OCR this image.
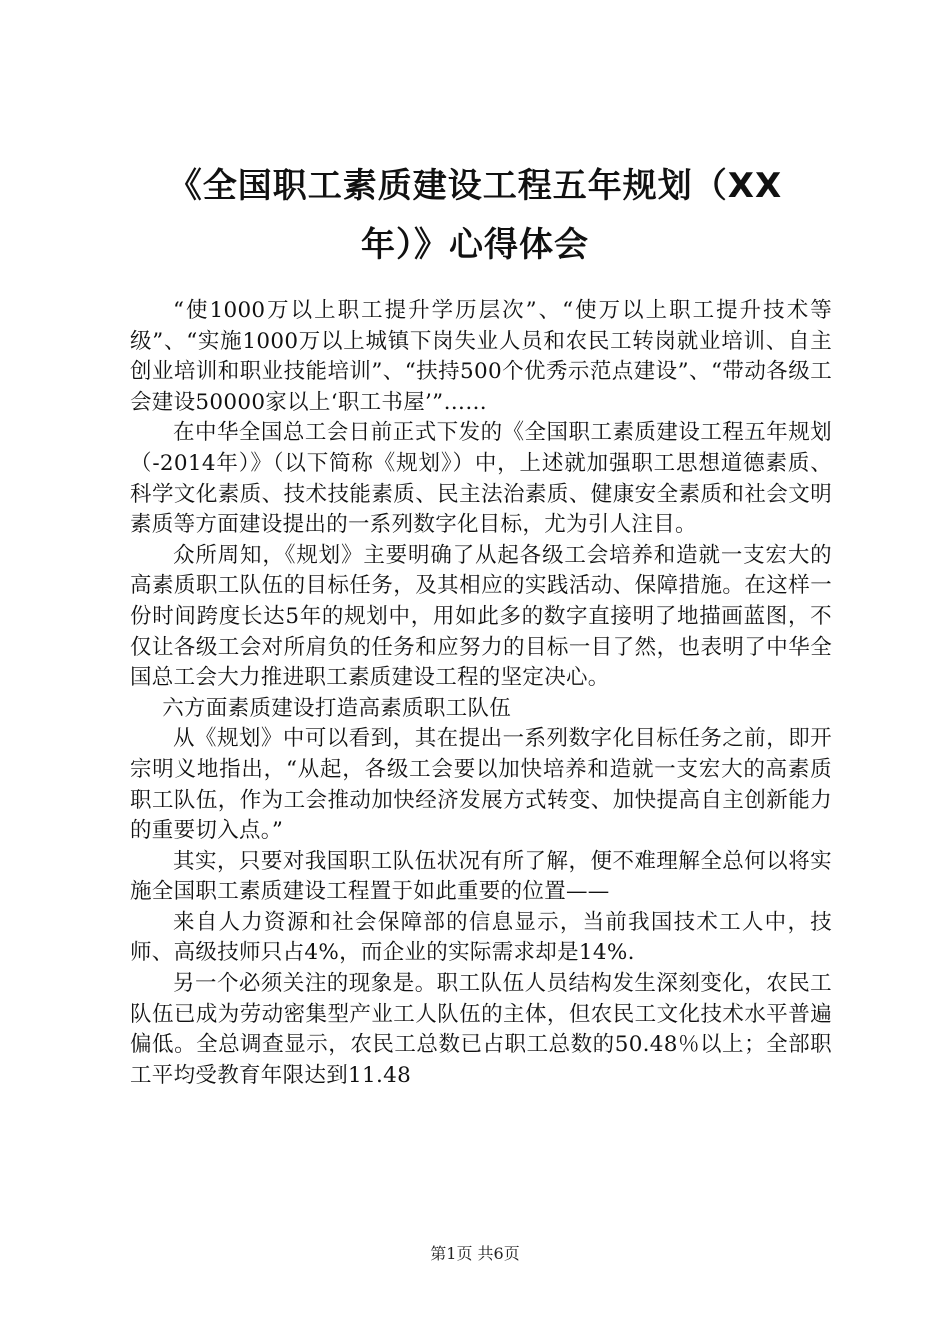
《全国职工素质建设工程五年规划（XX
年）》心得体会

“使1000万以上职工提升学历层次”、“使万以上职工提升技术等级”、“实施1000万以上城镇下岗失业人员和农民工转岗就业培训、自主创业培训和职业技能培训”、“扶持500个优秀示范点建设”、“带动各级工会建设50000家以上‘职工书屋’”……

在中华全国总工会日前正式下发的《全国职工素质建设工程五年规划（-2014年）》（以下简称《规划》）中，上述就加强职工思想道德素质、科学文化素质、技术技能素质、民主法治素质、健康安全素质和社会文明素质等方面建设提出的一系列数字化目标，尤为引人注目。

众所周知，《规划》主要明确了从起各级工会培养和造就一支宏大的高素质职工队伍的目标任务，及其相应的实践活动、保障措施。在这样一份时间跨度长达5年的规划中，用如此多的数字直接明了地描画蓝图，不仅让各级工会对所肩负的任务和应努力的目标一目了然，也表明了中华全国总工会大力推进职工素质建设工程的坚定决心。

六方面素质建设打造高素质职工队伍

从《规划》中可以看到，其在提出一系列数字化目标任务之前，即开宗明义地指出，“从起，各级工会要以加快培养和造就一支宏大的高素质职工队伍，作为工会推动加快经济发展方式转变、加快提高自主创新能力的重要切入点。”

其实，只要对我国职工队伍状况有所了解，便不难理解全总何以将实施全国职工素质建设工程置于如此重要的位置——

来自人力资源和社会保障部的信息显示，当前我国技术工人中，技师、高级技师只占4%，而企业的实际需求却是14%.

另一个必须关注的现象是。职工队伍人员结构发生深刻变化，农民工队伍已成为劳动密集型产业工人队伍的主体，但农民工文化技术水平普遍偏低。全总调查显示，农民工总数已占职工总数的50.48％以上；全部职工平均受教育年限达到11.48

第1页 共6页
